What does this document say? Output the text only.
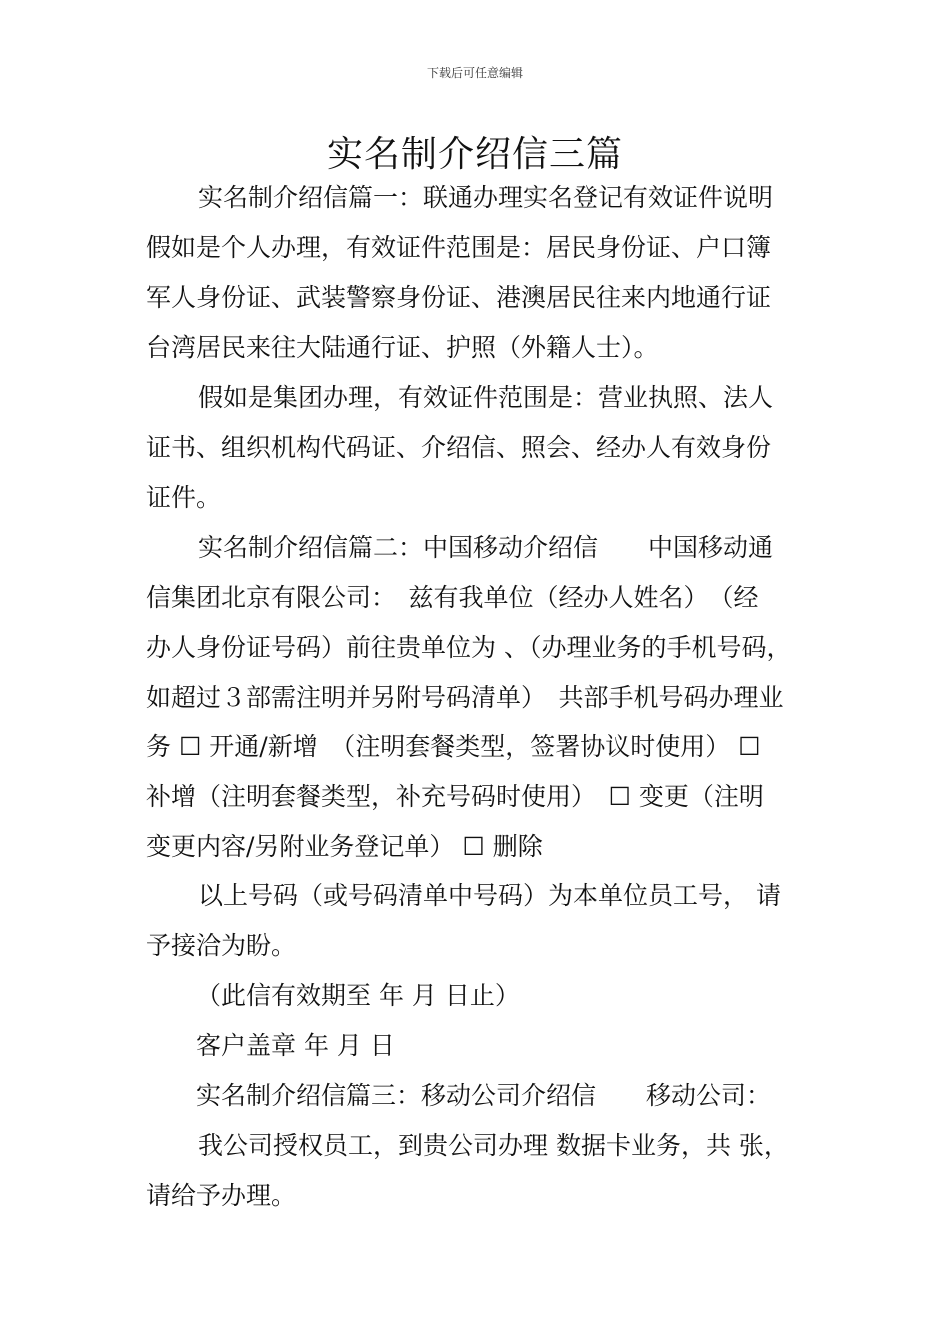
下载后可任意编辑
实名制介绍信三篇
实名制介绍信篇一：联通办理实名登记有效证件说明
假如是个人办理，有效证件范围是：居民身份证、户口簿
军人身份证、武装警察身份证、港澳居民往来内地通行证
台湾居民来往大陆通行证、护照（外籍人士）。
假如是集团办理，有效证件范围是：营业执照、法人
证书、组织机构代码证、介绍信、照会、经办人有效身份
证件。
实名制介绍信篇二：中国移动介绍信　　中国移动通
信集团北京有限公司：　兹有我单位（经办人姓名）　（经
办人身份证号码）前往贵单位为 、（办理业务的手机号码，
如超过３部需注明并另附号码清单）　共部手机号码办理业
务 ☐ 开通/新增　（注明套餐类型，签署协议时使用） ☐
补增（注明套餐类型，补充号码时使用）　☐ 变更（注明
变更内容/另附业务登记单） ☐ 删除
以上号码（或号码清单中号码）为本单位员工号， 请
予接洽为盼。
（此信有效期至 年 月 日止）
客户盖章 年 月 日
实名制介绍信篇三：移动公司介绍信　　移动公司：
我公司授权员工，到贵公司办理 数据卡业务，共 张，
请给予办理。
